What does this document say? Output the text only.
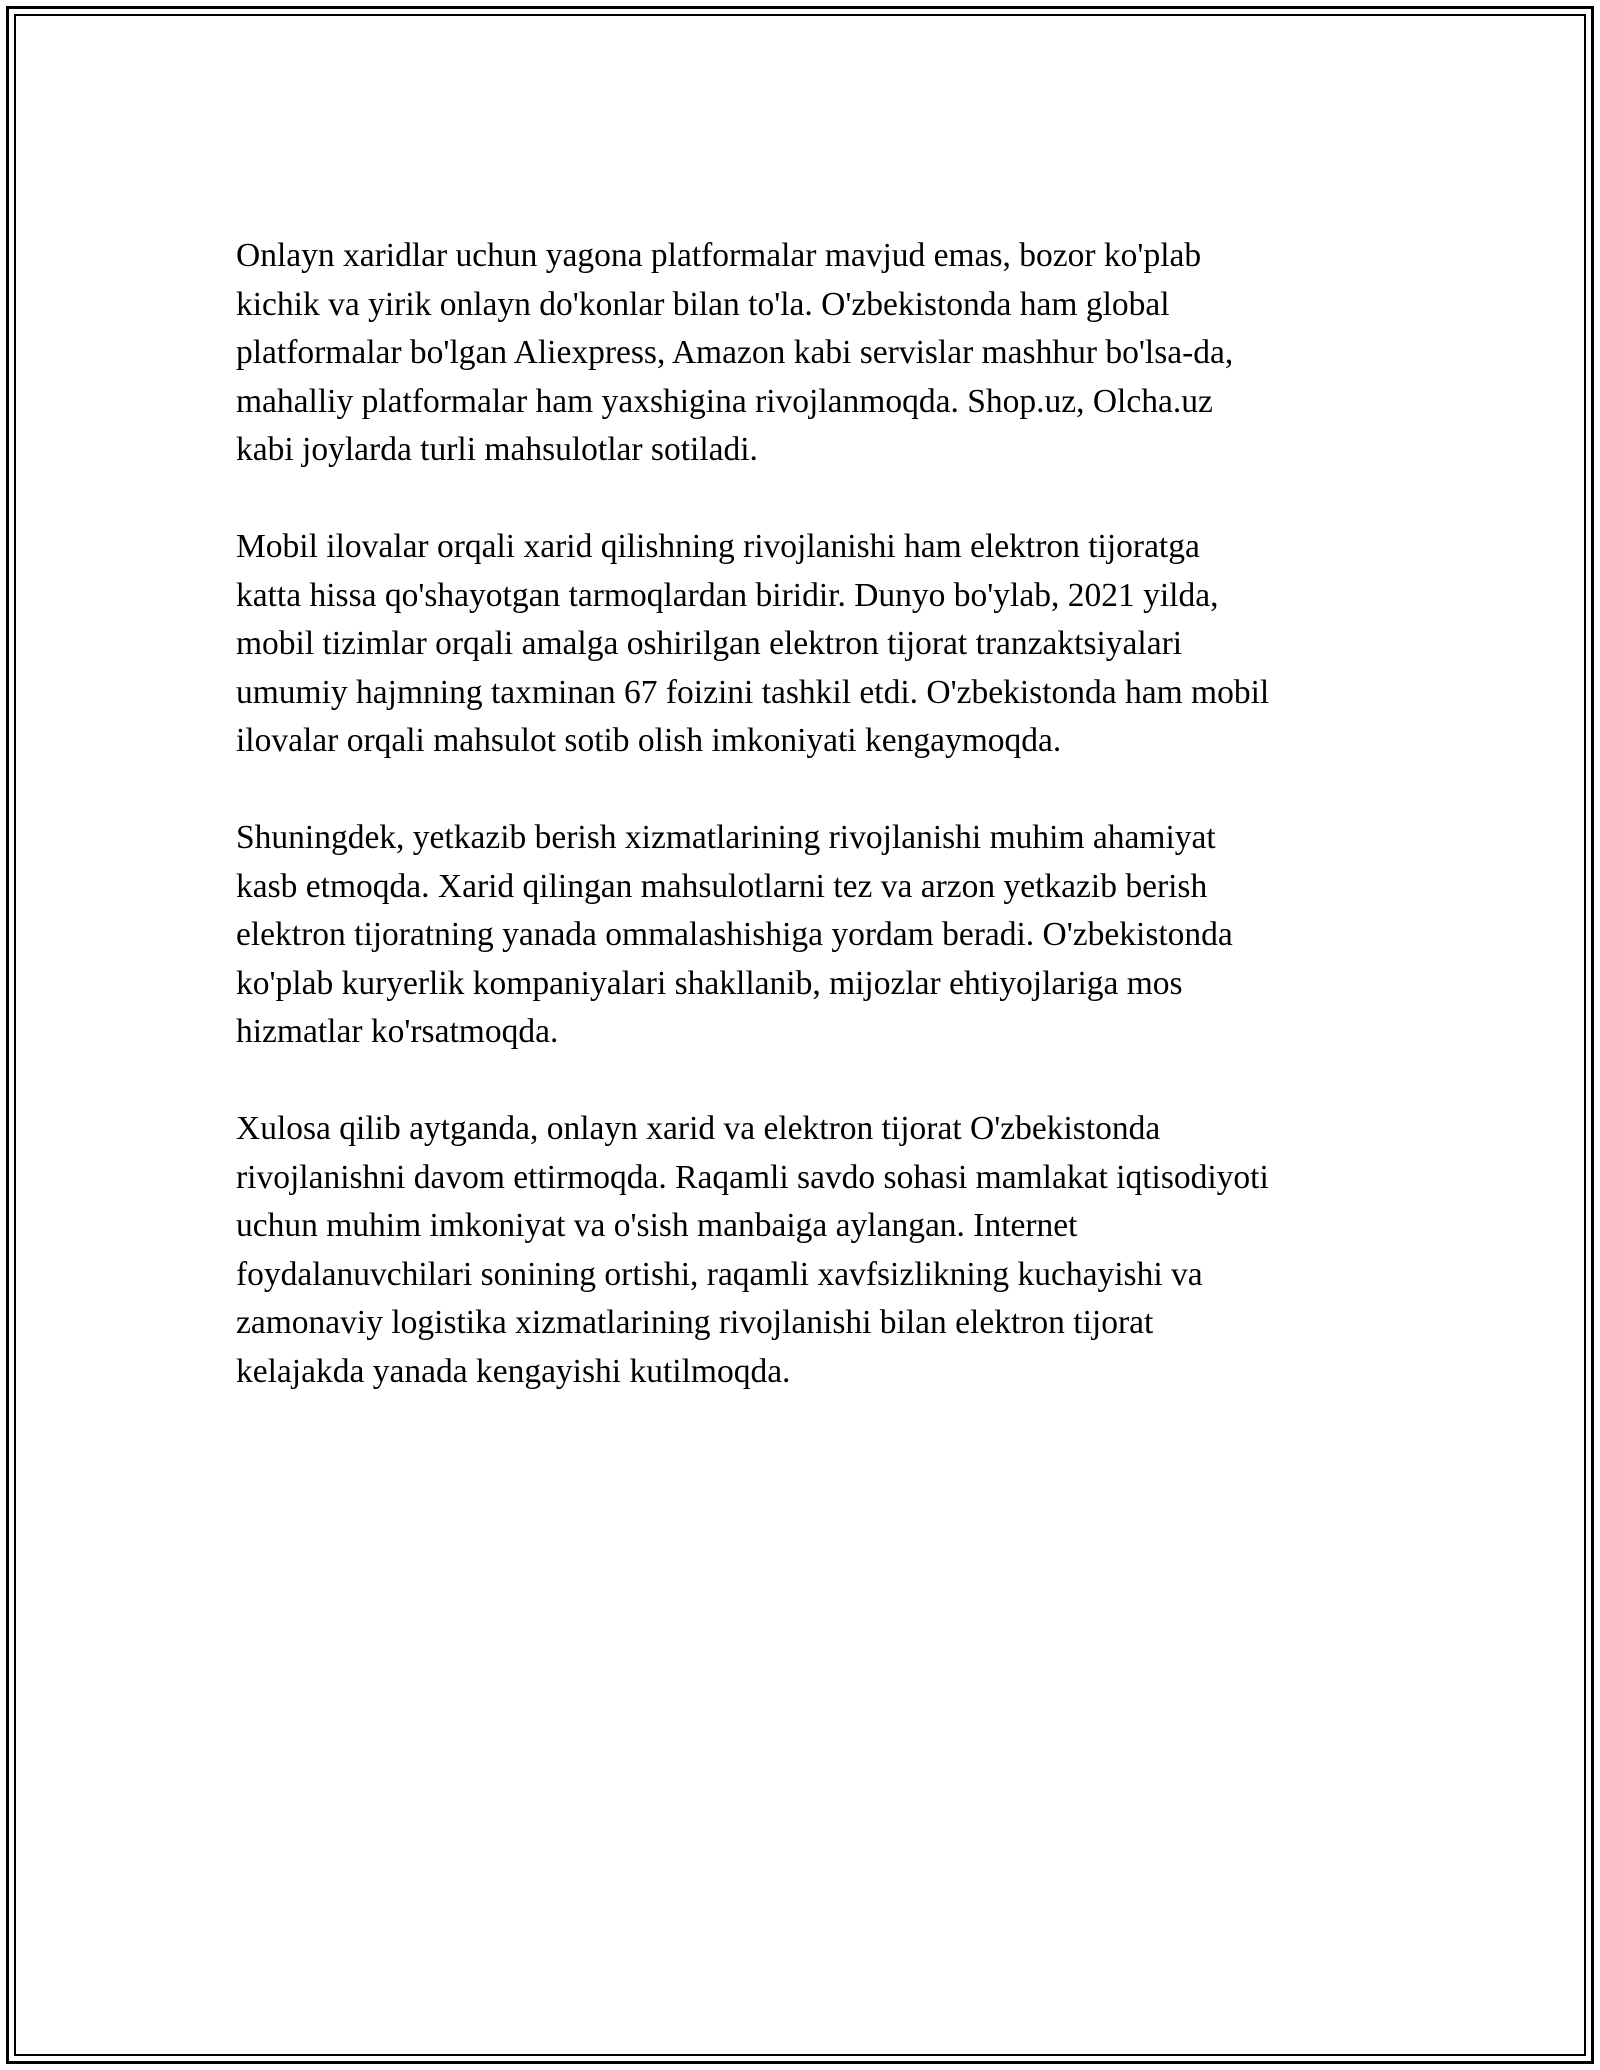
Onlayn xaridlar uchun yagona platformalar mavjud emas, bozor ko'plab
kichik va yirik onlayn do'konlar bilan to'la. O'zbekistonda ham global
platformalar bo'lgan Aliexpress, Amazon kabi servislar mashhur bo'lsa-da,
mahalliy platformalar ham yaxshigina rivojlanmoqda. Shop.uz, Olcha.uz
kabi joylarda turli mahsulotlar sotiladi.

Mobil ilovalar orqali xarid qilishning rivojlanishi ham elektron tijoratga
katta hissa qo'shayotgan tarmoqlardan biridir. Dunyo bo'ylab, 2021 yilda,
mobil tizimlar orqali amalga oshirilgan elektron tijorat tranzaktsiyalari
umumiy hajmning taxminan 67 foizini tashkil etdi. O'zbekistonda ham mobil
ilovalar orqali mahsulot sotib olish imkoniyati kengaymoqda.

Shuningdek, yetkazib berish xizmatlarining rivojlanishi muhim ahamiyat
kasb etmoqda. Xarid qilingan mahsulotlarni tez va arzon yetkazib berish
elektron tijoratning yanada ommalashishiga yordam beradi. O'zbekistonda
ko'plab kuryerlik kompaniyalari shakllanib, mijozlar ehtiyojlariga mos
hizmatlar ko'rsatmoqda.

Xulosa qilib aytganda, onlayn xarid va elektron tijorat O'zbekistonda
rivojlanishni davom ettirmoqda. Raqamli savdo sohasi mamlakat iqtisodiyoti
uchun muhim imkoniyat va o'sish manbaiga aylangan. Internet
foydalanuvchilari sonining ortishi, raqamli xavfsizlikning kuchayishi va
zamonaviy logistika xizmatlarining rivojlanishi bilan elektron tijorat
kelajakda yanada kengayishi kutilmoqda.
